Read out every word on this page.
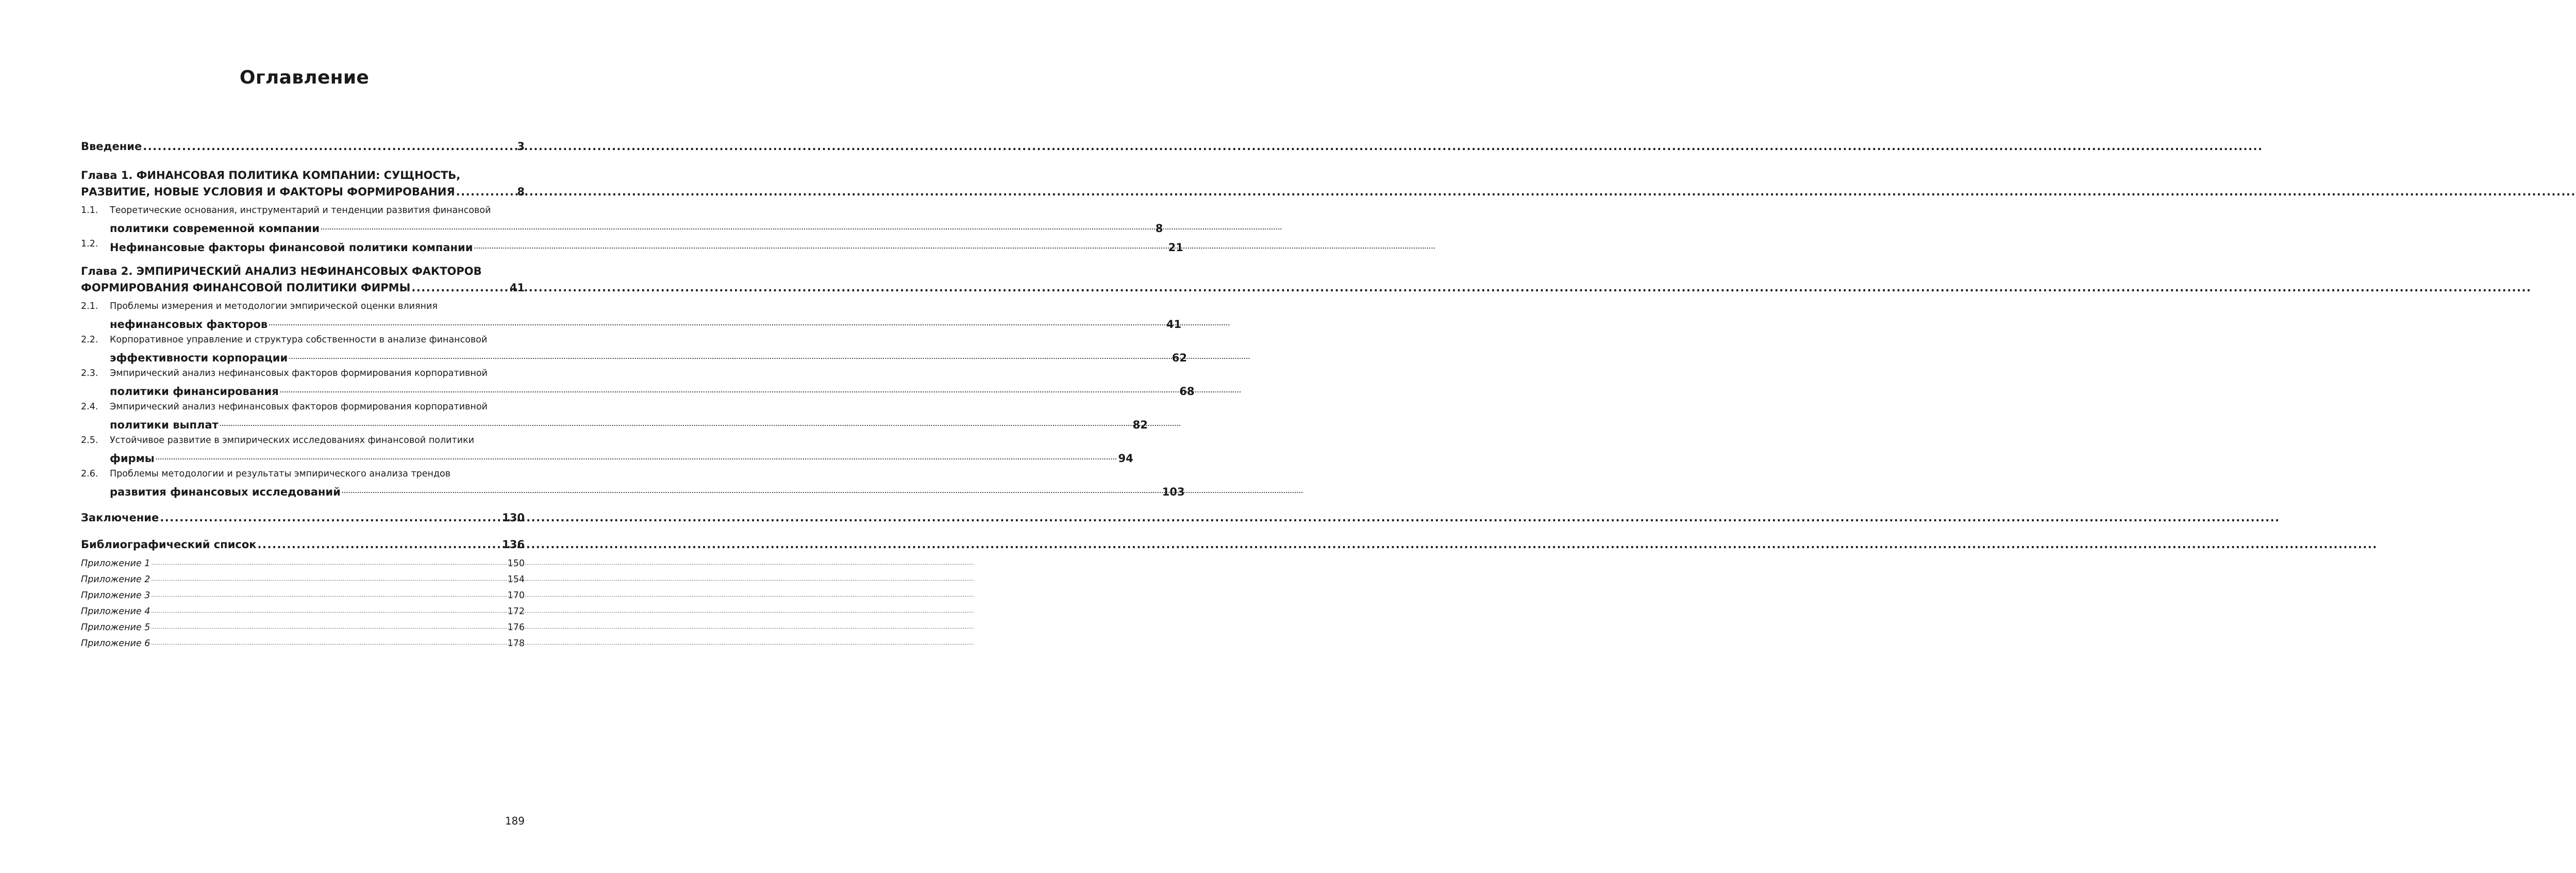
Оглавление
Введение .....	3
Глава 1. ФИНАНСОВАЯ ПОЛИТИКА КОМПАНИИ: СУЩНОСТЬ,
РАЗВИТИЕ, НОВЫЕ УСЛОВИЯ И ФАКТОРЫ ФОРМИРОВАНИЯ .....	8
1.1.	Теоретические основания, инструментарий и тенденции развития финансовой
политики современной компании .....	8
1.2.	Нефинансовые факторы финансовой политики компании .....	21
Глава 2. ЭМПИРИЧЕСКИЙ АНАЛИЗ НЕФИНАНСОВЫХ ФАКТОРОВ
ФОРМИРОВАНИЯ ФИНАНСОВОЙ ПОЛИТИКИ ФИРМЫ .....	41
2.1.	Проблемы измерения и методологии эмпирической оценки влияния
нефинансовых факторов .....	41
2.2.	Корпоративное управление и структура собственности в анализе финансовой
эффективности корпорации .....	62
2.3.	Эмпирический анализ нефинансовых факторов формирования корпоративной
политики финансирования .....	68
2.4.	Эмпирический анализ нефинансовых факторов формирования корпоративной
политики выплат .....	82
2.5.	Устойчивое развитие в эмпирических исследованиях финансовой политики
фирмы .....	94
2.6.	Проблемы методологии и результаты эмпирического анализа трендов
развития финансовых исследований .....	103
Заключение .....	130
Библиографический список .....	136
Приложение 1 .....	150
Приложение 2 .....	154
Приложение 3 .....	170
Приложение 4 .....	172
Приложение 5 .....	176
Приложение 6 .....	178
189
